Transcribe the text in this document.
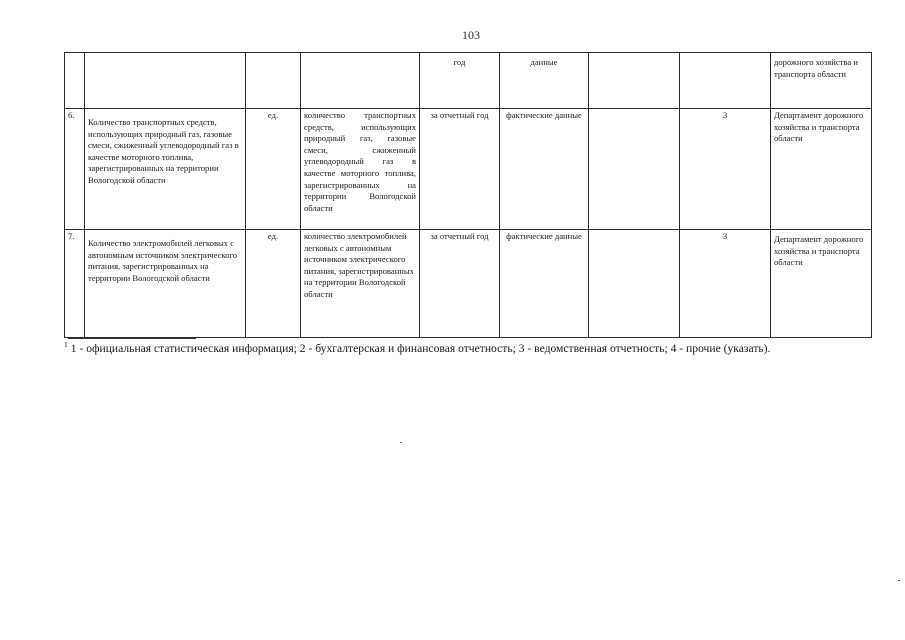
103
				год	данные			дорожного хозяйства и транспорта области
6.	Количество транспортных средств, использующих природный газ, газовые смеси, сжиженный углеводородный газ в качестве моторного топлива, зарегистрированных на территории Вологодской области	ед.	количество транспортных средств, использующих природный газ, газовые смеси, сжиженный углеводородный газ в качестве моторного топлива, зарегистрированных на территории Вологодской области	за отчетный год	фактические данные		3	Департамент дорожного хозяйства и транспорта области
7.	Количество электромобилей легковых с автономным источником электрического питания, зарегистрированных на территории Вологодской области	ед.	количество электромобилей легковых с автономным источником электрического питания, зарегистрированных на территории Вологодской области	за отчетный год	фактические данные		3	Департамент дорожного хозяйства и транспорта области
$^1$ 1 - официальная статистическая информация; 2 - бухгалтерская и финансовая отчетность; 3 - ведомственная отчетность; 4 - прочие (указать).
